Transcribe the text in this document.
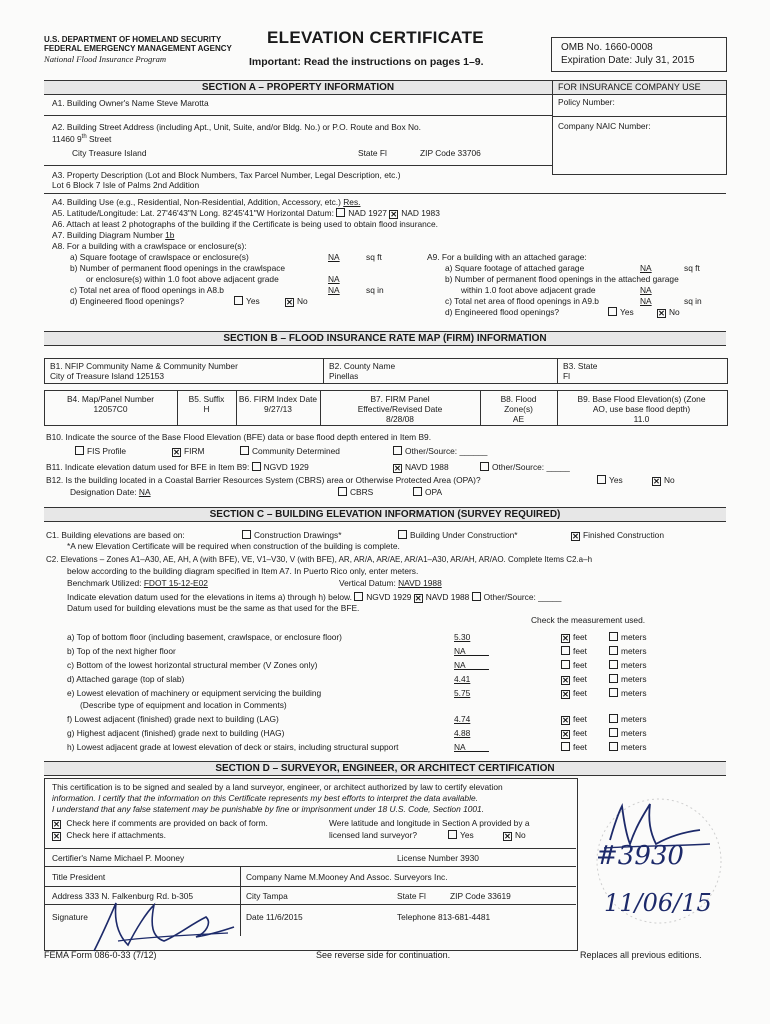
U.S. DEPARTMENT OF HOMELAND SECURITY
FEDERAL EMERGENCY MANAGEMENT AGENCY
National Flood Insurance Program
ELEVATION CERTIFICATE
Important: Read the instructions on pages 1–9.
OMB No. 1660-0008
Expiration Date: July 31, 2015
SECTION A – PROPERTY INFORMATION	FOR INSURANCE COMPANY USE
Policy Number:
Company NAIC Number:
A1. Building Owner's Name Steve Marotta
A2. Building Street Address (including Apt., Unit, Suite, and/or Bldg. No.) or P.O. Route and Box No.
11460 9th Street
City Treasure Island	State Fl	ZIP Code 33706
A3. Property Description (Lot and Block Numbers, Tax Parcel Number, Legal Description, etc.)
Lot 6 Block 7 Isle of Palms 2nd Addition
A4. Building Use (e.g., Residential, Non-Residential, Addition, Accessory, etc.) Res.
A5. Latitude/Longitude: Lat. 27'46'43"N Long. 82'45'41"W Horizontal Datum: NAD 1927 ✕ NAD 1983
A6. Attach at least 2 photographs of the building if the Certificate is being used to obtain flood insurance.
A7. Building Diagram Number 1b
A8. For a building with a crawlspace or enclosure(s):
a) Square footage of crawlspace or enclosure(s)	NA	sq ft
b) Number of permanent flood openings in the crawlspace
or enclosure(s) within 1.0 foot above adjacent grade	NA
c) Total net area of flood openings in A8.b	NA	sq in
d) Engineered flood openings?	Yes	✕ No
A9. For a building with an attached garage:
a) Square footage of attached garage	NA	sq ft
b) Number of permanent flood openings in the attached garage
within 1.0 foot above adjacent grade	NA
c) Total net area of flood openings in A9.b	NA	sq in
d) Engineered flood openings?	Yes	✕ No
SECTION B – FLOOD INSURANCE RATE MAP (FIRM) INFORMATION
B1. NFIP Community Name & Community Number
City of Treasure Island 125153
B2. County Name
Pinellas
B3. State
Fl
B4. Map/Panel Number
12057C0
B5. Suffix
H
B6. FIRM Index Date
9/27/13
B7. FIRM Panel
Effective/Revised Date
8/28/08
B8. Flood
Zone(s)
AE
B9. Base Flood Elevation(s) (Zone
AO, use base flood depth)
11.0
B10. Indicate the source of the Base Flood Elevation (BFE) data or base flood depth entered in Item B9.
FIS Profile	✕ FIRM	Community Determined	Other/Source: ______
B11. Indicate elevation datum used for BFE in Item B9: NGVD 1929	✕ NAVD 1988	Other/Source: _____
B12. Is the building located in a Coastal Barrier Resources System (CBRS) area or Otherwise Protected Area (OPA)?	Yes	✕ No
Designation Date: NA	CBRS	OPA
SECTION C – BUILDING ELEVATION INFORMATION (SURVEY REQUIRED)
C1. Building elevations are based on:	Construction Drawings*	Building Under Construction*	✕ Finished Construction
*A new Elevation Certificate will be required when construction of the building is complete.
C2. Elevations – Zones A1–A30, AE, AH, A (with BFE), VE, V1–V30, V (with BFE), AR, AR/A, AR/AE, AR/A1–A30, AR/AH, AR/AO. Complete Items C2.a–h
below according to the building diagram specified in Item A7. In Puerto Rico only, enter meters.
Benchmark Utilized: FDOT 15-12-E02	Vertical Datum: NAVD 1988
Indicate elevation datum used for the elevations in items a) through h) below. NGVD 1929 ✕ NAVD 1988 Other/Source: _____
Datum used for building elevations must be the same as that used for the BFE.
Check the measurement used.
a) Top of bottom floor (including basement, crawlspace, or enclosure floor)	5.30	✕ feet	meters
b) Top of the next higher floor	NA_____	feet	meters
c) Bottom of the lowest horizontal structural member (V Zones only)	NA_____	feet	meters
d) Attached garage (top of slab)	4.41	✕ feet	meters
e) Lowest elevation of machinery or equipment servicing the building	5.75	✕ feet	meters
f) Lowest adjacent (finished) grade next to building (LAG)	4.74	✕ feet	meters
g) Highest adjacent (finished) grade next to building (HAG)	4.88	✕ feet	meters
h) Lowest adjacent grade at lowest elevation of deck or stairs, including structural support	NA_____	feet	meters
(Describe type of equipment and location in Comments)
SECTION D – SURVEYOR, ENGINEER, OR ARCHITECT CERTIFICATION
This certification is to be signed and sealed by a land surveyor, engineer, or architect authorized by law to certify elevation
information. I certify that the information on this Certificate represents my best efforts to interpret the data available.
I understand that any false statement may be punishable by fine or imprisonment under 18 U.S. Code, Section 1001.
✕ Check here if comments are provided on back of form.
✕ Check here if attachments.
Were latitude and longitude in Section A provided by a
licensed land surveyor?	Yes	✕ No
Certifier's Name Michael P. Mooney	License Number 3930
Title President	Company Name M.Mooney And Assoc. Surveyors Inc.
Address 333 N. Falkenburg Rd. b-305	City Tampa	State Fl	ZIP Code 33619
Signature	Date 11/6/2015	Telephone 813-681-4481
#3930
11/06/15
FEMA Form 086-0-33 (7/12)	See reverse side for continuation.	Replaces all previous editions.
